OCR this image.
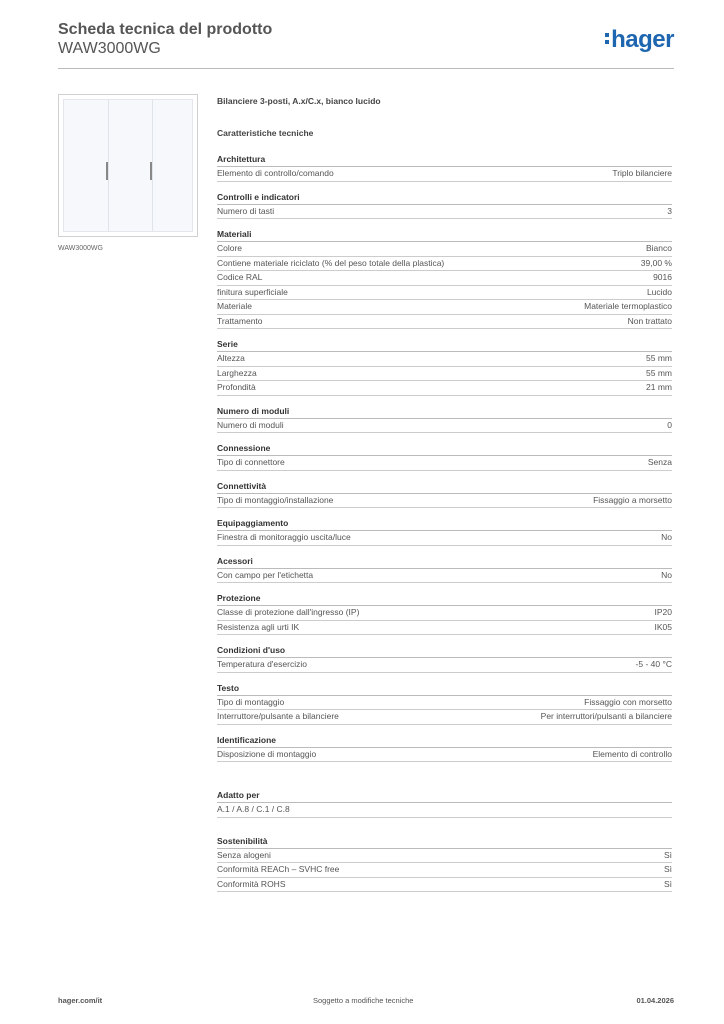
Scheda tecnica del prodotto
WAW3000WG	hager
WAW3000WG
Bilanciere 3-posti, A.x/C.x, bianco lucido
Caratteristiche tecniche
Architettura
Elemento di controllo/comando	Triplo bilanciere
Controlli e indicatori
Numero di tasti	3
Materiali
Colore	Bianco
Contiene materiale riciclato (% del peso totale della plastica)	39,00 %
Codice RAL	9016
finitura superficiale	Lucido
Materiale	Materiale termoplastico
Trattamento	Non trattato
Serie
Altezza	55 mm
Larghezza	55 mm
Profondità	21 mm
Numero di moduli
Numero di moduli	0
Connessione
Tipo di connettore	Senza
Connettività
Tipo di montaggio/installazione	Fissaggio a morsetto
Equipaggiamento
Finestra di monitoraggio uscita/luce	No
Acessori
Con campo per l'etichetta	No
Protezione
Classe di protezione dall'ingresso (IP)	IP20
Resistenza agli urti IK	IK05
Condizioni d'uso
Temperatura d'esercizio	-5 - 40 °C
Testo
Tipo di montaggio	Fissaggio con morsetto
Interruttore/pulsante a bilanciere	Per interruttori/pulsanti a bilanciere
Identificazione
Disposizione di montaggio	Elemento di controllo
Adatto per
A.1 / A.8 / C.1 / C.8
Sostenibilità
Senza alogeni	Sì
Conformità REACh – SVHC free	Sì
Conformità ROHS	Sì
hager.com/it	Soggetto a modifiche tecniche	01.04.2026
